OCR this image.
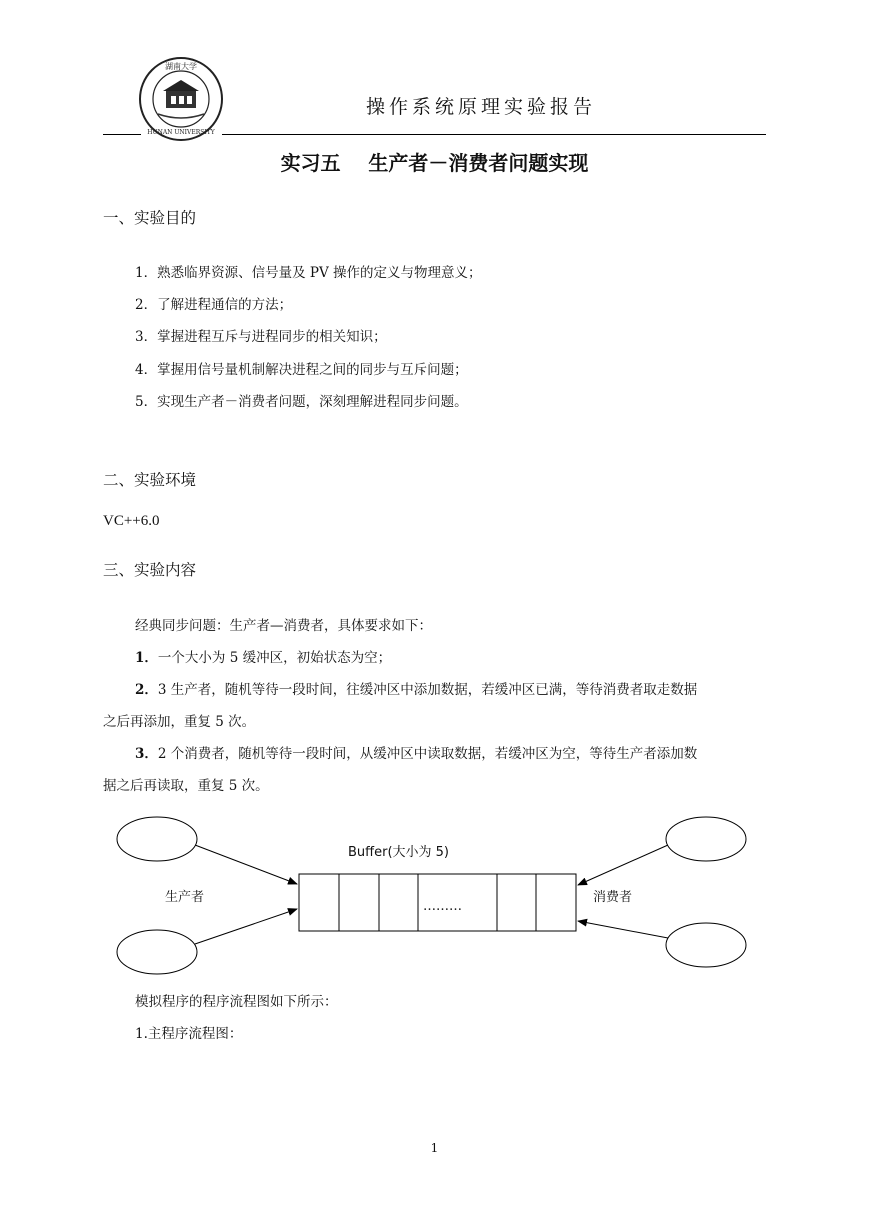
湖南大学
HUNAN UNIVERSITY
操作系统原理实验报告
实习五    生产者－消费者问题实现
一、实验目的
1．熟悉临界资源、信号量及 PV 操作的定义与物理意义；
2．了解进程通信的方法；
3．掌握进程互斥与进程同步的相关知识；
4．掌握用信号量机制解决进程之间的同步与互斥问题；
5．实现生产者－消费者问题，深刻理解进程同步问题。
二、实验环境
VC++6.0
三、实验内容
经典同步问题：生产者—消费者，具体要求如下：
1．一个大小为 5 缓冲区，初始状态为空；
2．3 生产者，随机等待一段时间，往缓冲区中添加数据，若缓冲区已满，等待消费者取走数据
之后再添加，重复 5 次。
3．2 个消费者，随机等待一段时间，从缓冲区中读取数据，若缓冲区为空，等待生产者添加数
据之后再读取，重复 5 次。
Buffer(大小为 5)
生产者	消费者
………
模拟程序的程序流程图如下所示：
1.主程序流程图：
1
